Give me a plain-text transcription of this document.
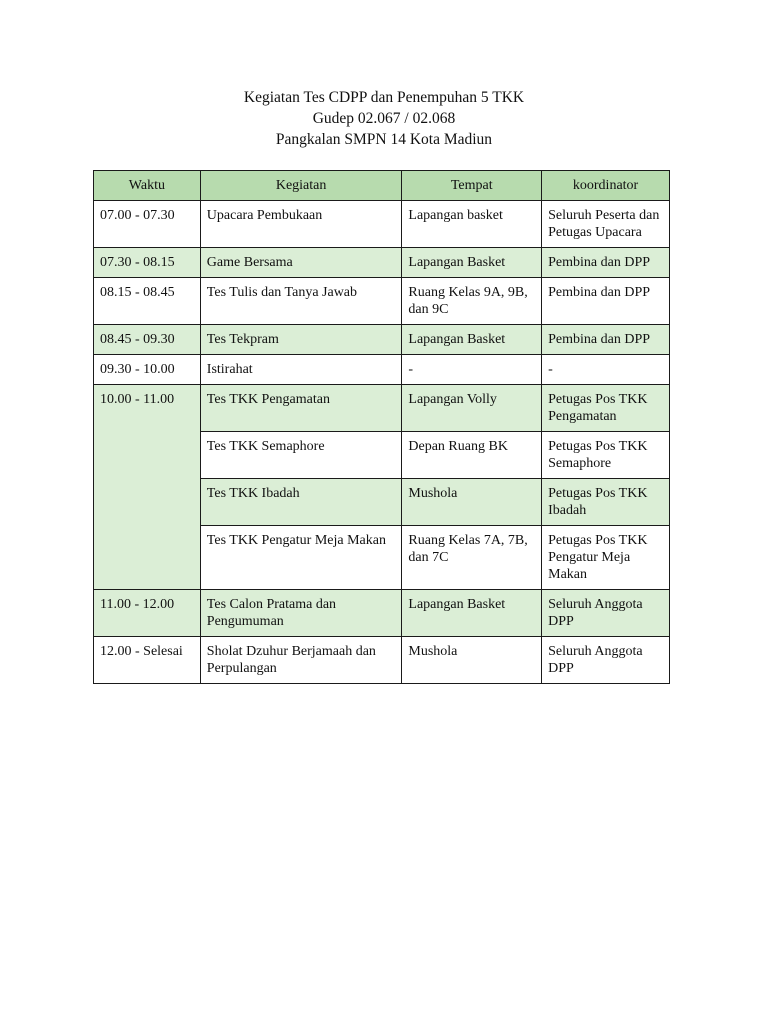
Kegiatan Tes CDPP dan Penempuhan 5 TKK
Gudep 02.067 / 02.068
Pangkalan SMPN 14 Kota Madiun
Waktu	Kegiatan	Tempat	koordinator
07.00 - 07.30	Upacara Pembukaan	Lapangan basket	Seluruh Peserta dan Petugas Upacara
07.30 - 08.15	Game Bersama	Lapangan Basket	Pembina dan DPP
08.15 - 08.45	Tes Tulis dan Tanya Jawab	Ruang Kelas 9A, 9B, dan 9C	Pembina dan DPP
08.45 - 09.30	Tes Tekpram	Lapangan Basket	Pembina dan DPP
09.30 - 10.00	Istirahat	-	-
10.00 - 11.00	Tes TKK Pengamatan	Lapangan Volly	Petugas Pos TKK Pengamatan
	Tes TKK Semaphore	Depan Ruang BK	Petugas Pos TKK Semaphore
	Tes TKK Ibadah	Mushola	Petugas Pos TKK Ibadah
	Tes TKK Pengatur Meja Makan	Ruang Kelas 7A, 7B, dan 7C	Petugas Pos TKK Pengatur Meja Makan
11.00 - 12.00	Tes Calon Pratama dan Pengumuman	Lapangan Basket	Seluruh Anggota DPP
12.00 - Selesai	Sholat Dzuhur Berjamaah dan Perpulangan	Mushola	Seluruh Anggota DPP
